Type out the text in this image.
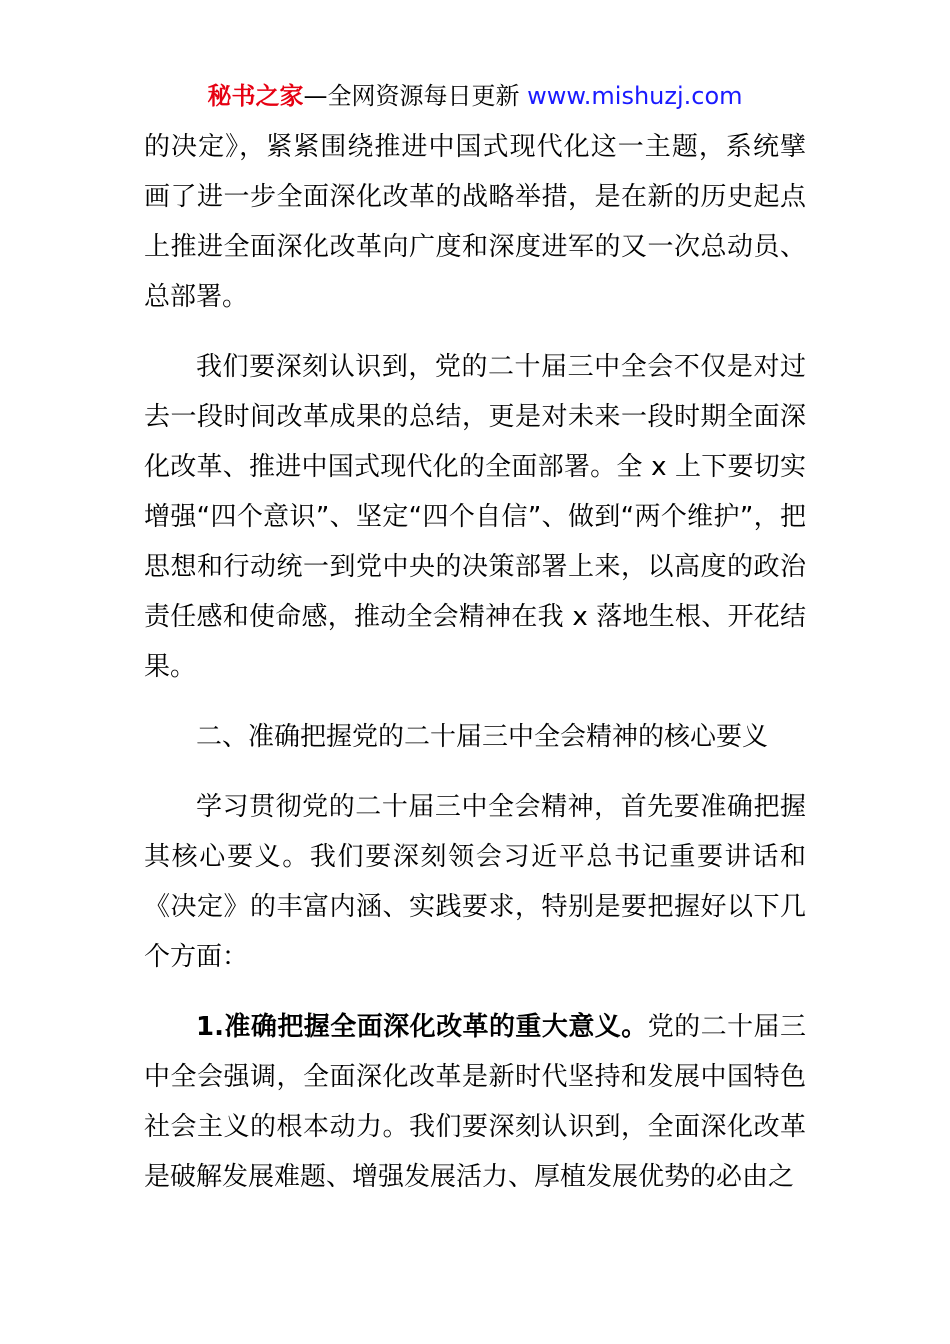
秘书之家—全网资源每日更新 www.mishuzj.com

的决定》，紧紧围绕推进中国式现代化这一主题，系统擘画了进一步全面深化改革的战略举措，是在新的历史起点上推进全面深化改革向广度和深度进军的又一次总动员、总部署。

我们要深刻认识到，党的二十届三中全会不仅是对过去一段时间改革成果的总结，更是对未来一段时期全面深化改革、推进中国式现代化的全面部署。全 x 上下要切实增强“四个意识”、坚定“四个自信”、做到“两个维护”，把思想和行动统一到党中央的决策部署上来，以高度的政治责任感和使命感，推动全会精神在我 x 落地生根、开花结果。

二、准确把握党的二十届三中全会精神的核心要义

学习贯彻党的二十届三中全会精神，首先要准确把握其核心要义。我们要深刻领会习近平总书记重要讲话和《决定》的丰富内涵、实践要求，特别是要把握好以下几个方面：

1.准确把握全面深化改革的重大意义。党的二十届三中全会强调，全面深化改革是新时代坚持和发展中国特色社会主义的根本动力。我们要深刻认识到，全面深化改革是破解发展难题、增强发展活力、厚植发展优势的必由之
